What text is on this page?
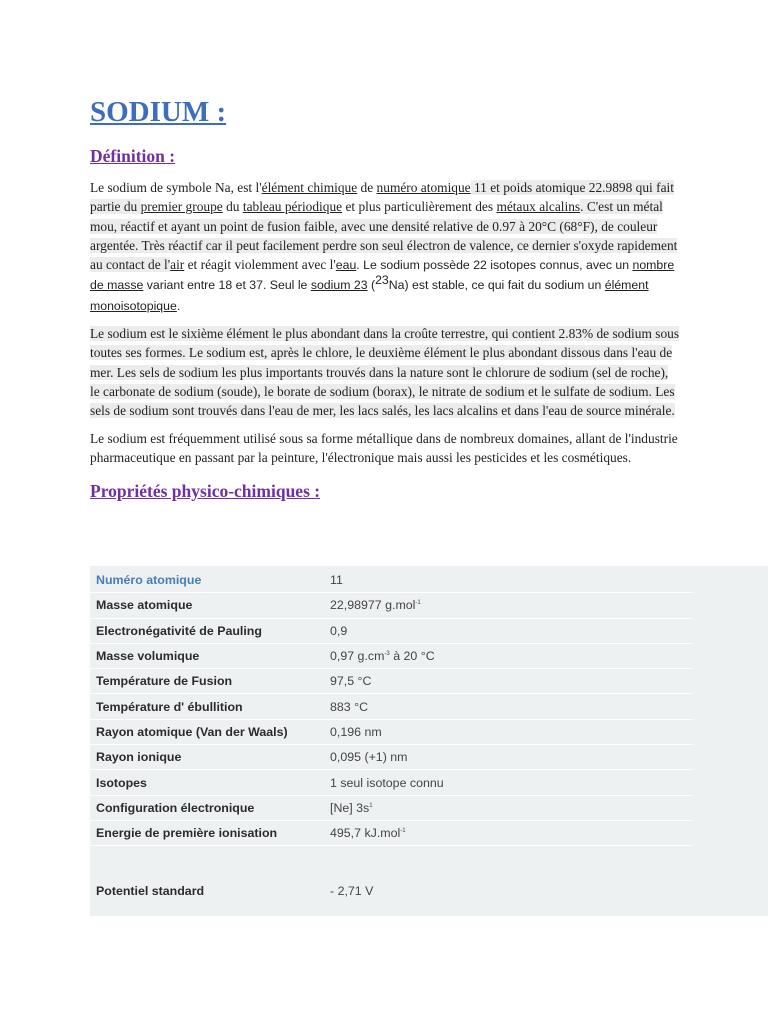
SODIUM :
Définition :

Le sodium de symbole Na, est l'élément chimique de numéro atomique 11 et poids atomique 22.9898 qui fait partie du premier groupe du tableau périodique et plus particulièrement des métaux alcalins. C'est un métal mou, réactif et ayant un point de fusion faible, avec une densité relative de 0.97 à 20°C (68°F), de couleur argentée. Très réactif car il peut facilement perdre son seul électron de valence, ce dernier s'oxyde rapidement au contact de l'air et réagit violemment avec l'eau. Le sodium possède 22 isotopes connus, avec un nombre de masse variant entre 18 et 37. Seul le sodium 23 ($^{23}$Na) est stable, ce qui fait du sodium un élément monoisotopique.

Le sodium est le sixième élément le plus abondant dans la croûte terrestre, qui contient 2.83% de sodium sous toutes ses formes. Le sodium est, après le chlore, le deuxième élément le plus abondant dissous dans l'eau de mer. Les sels de sodium les plus importants trouvés dans la nature sont le chlorure de sodium (sel de roche), le carbonate de sodium (soude), le borate de sodium (borax), le nitrate de sodium et le sulfate de sodium. Les sels de sodium sont trouvés dans l'eau de mer, les lacs salés, les lacs alcalins et dans l'eau de source minérale.

Le sodium est fréquemment utilisé sous sa forme métallique dans de nombreux domaines, allant de l'industrie pharmaceutique en passant par la peinture, l'électronique mais aussi les pesticides et les cosmétiques.

Propriétés physico-chimiques :
Numéro atomique	11
Masse atomique	22,98977 g.mol$^{-1}$
Electronégativité de Pauling	0,9
Masse volumique	0,97 $g.cm^{-3}$ à 20 °C
Température de Fusion	97,5 °C
Température d' ébullition	883 °C
Rayon atomique (Van der Waals)	0,196 nm
Rayon ionique	0,095 (+1) nm
Isotopes	1 seul isotope connu
Configuration électronique	[Ne] $3s^1$
Energie de première ionisation	495,7 kJ.mol$^{-1}$
Potentiel standard	- 2,71 V
